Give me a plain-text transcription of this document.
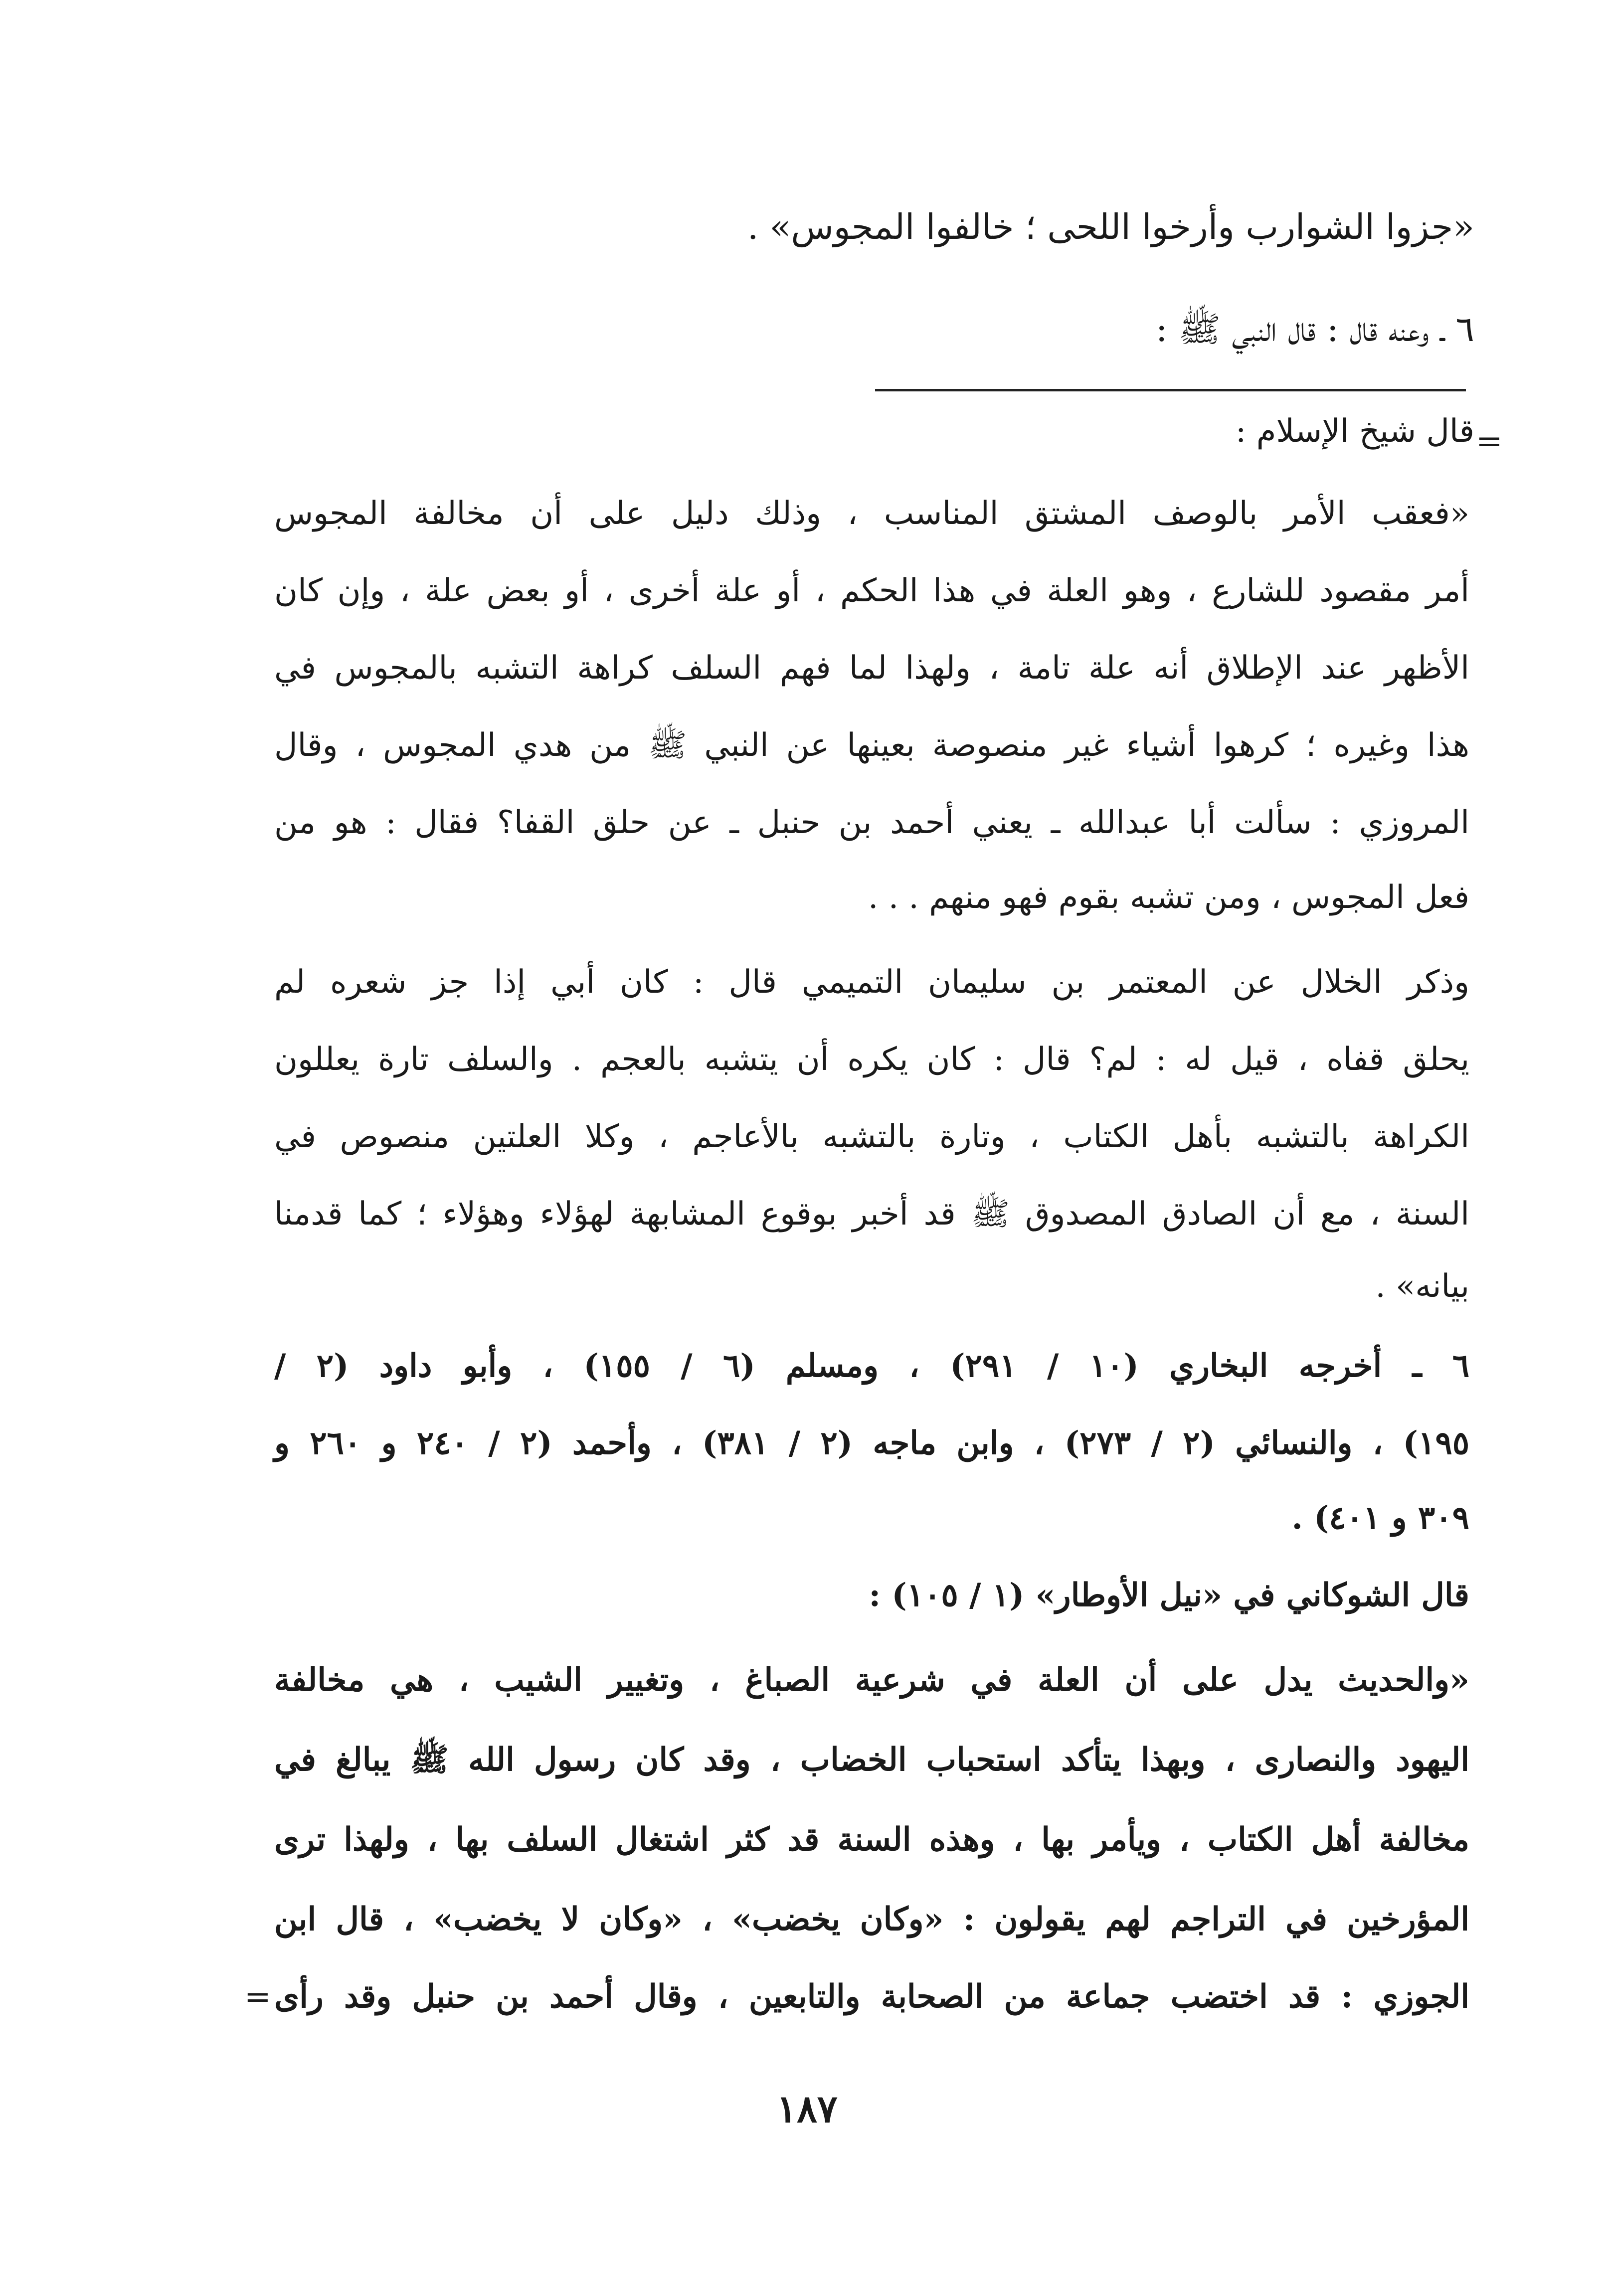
«جزوا الشوارب وأرخوا اللحى ؛ خالفوا المجوس» .
٦ ـ وعنه قال : قال النبي ﷺ :
=
قال شيخ الإسلام :
«فعقب الأمر بالوصف المشتق المناسب ، وذلك دليل على أن مخالفة المجوس
أمر مقصود للشارع ، وهو العلة في هذا الحكم ، أو علة أخرى ، أو بعض علة ، وإن كان
الأظهر عند الإطلاق أنه علة تامة ، ولهذا لما فهم السلف كراهة التشبه بالمجوس في
هذا وغيره ؛ كرهوا أشياء غير منصوصة بعينها عن النبي ﷺ من هدي المجوس ، وقال
المروزي : سألت أبا عبدالله ـ يعني أحمد بن حنبل ـ عن حلق القفا؟ فقال : هو من
فعل المجوس ، ومن تشبه بقوم فهو منهم . . .
وذكر الخلال عن المعتمر بن سليمان التميمي قال : كان أبي إذا جز شعره لم
يحلق قفاه ، قيل له : لم؟ قال : كان يكره أن يتشبه بالعجم . والسلف تارة يعللون
الكراهة بالتشبه بأهل الكتاب ، وتارة بالتشبه بالأعاجم ، وكلا العلتين منصوص في
السنة ، مع أن الصادق المصدوق ﷺ قد أخبر بوقوع المشابهة لهؤلاء وهؤلاء ؛ كما قدمنا
بيانه» .
٦ ـ أخرجه البخاري (١٠ / ٢٩١) ، ومسلم (٦ / ١٥٥) ، وأبو داود (٢ /
١٩٥) ، والنسائي (٢ / ٢٧٣) ، وابن ماجه (٢ / ٣٨١) ، وأحمد (٢ / ٢٤٠ و ٢٦٠ و
٣٠٩ و ٤٠١) .
قال الشوكاني في «نيل الأوطار» (١ / ١٠٥) :
«والحديث يدل على أن العلة في شرعية الصباغ ، وتغيير الشيب ، هي مخالفة
اليهود والنصارى ، وبهذا يتأكد استحباب الخضاب ، وقد كان رسول الله ﷺ يبالغ في
مخالفة أهل الكتاب ، ويأمر بها ، وهذه السنة قد كثر اشتغال السلف بها ، ولهذا ترى
المؤرخين في التراجم لهم يقولون : «وكان يخضب» ، «وكان لا يخضب» ، قال ابن
الجوزي : قد اختضب جماعة من الصحابة والتابعين ، وقال أحمد بن حنبل وقد رأى
=
١٨٧
